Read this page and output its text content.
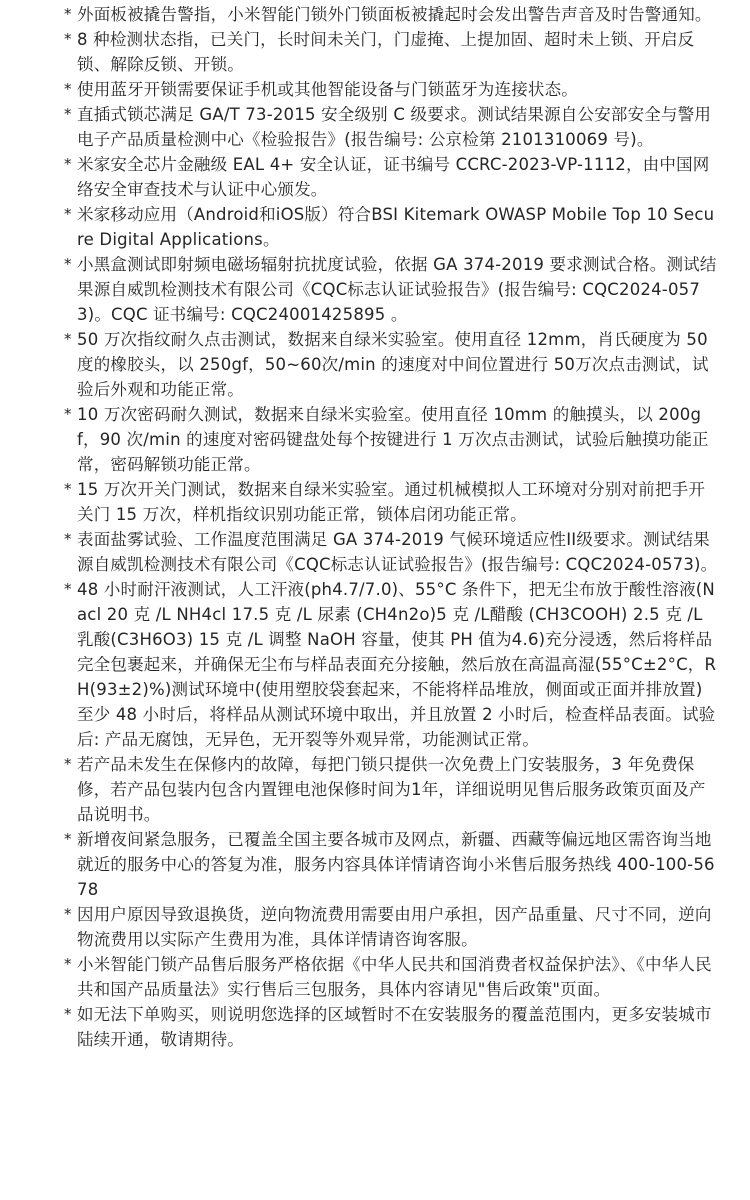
* 外面板被撬告警指，小米智能门锁外门锁面板被撬起时会发出警告声音及时告警通知。
* 8 种检测状态指，已关门，长时间未关门，门虚掩、上提加固、超时未上锁、开启反锁、解除反锁、开锁。
* 使用蓝牙开锁需要保证手机或其他智能设备与门锁蓝牙为连接状态。
* 直插式锁芯满足 GA/T 73-2015 安全级别 C 级要求。测试结果源自公安部安全与警用电子产品质量检测中心《检验报告》(报告编号: 公京检第 2101310069 号)。
* 米家安全芯片金融级 EAL 4+ 安全认证，证书编号 CCRC-2023-VP-1112，由中国网络安全审查技术与认证中心颁发。
* 米家移动应用（Android和iOS版）符合BSI Kitemark OWASP Mobile Top 10 Secure Digital Applications。
* 小黑盒测试即射频电磁场辐射抗扰度试验，依据 GA 374-2019 要求测试合格。测试结果源自威凯检测技术有限公司《CQC标志认证试验报告》(报告编号: CQC2024-0573)。CQC 证书编号: CQC24001425895 。
* 50 万次指纹耐久点击测试，数据来自绿米实验室。使用直径 12mm，肖氏硬度为 50 度的橡胶头，以 250gf，50~60次/min 的速度对中间位置进行 50万次点击测试，试验后外观和功能正常。
* 10 万次密码耐久测试，数据来自绿米实验室。使用直径 10mm 的触摸头，以 200gf，90 次/min 的速度对密码键盘处每个按键进行 1 万次点击测试，试验后触摸功能正常，密码解锁功能正常。
* 15 万次开关门测试，数据来自绿米实验室。通过机械模拟人工环境对分别对前把手开关门 15 万次，样机指纹识别功能正常，锁体启闭功能正常。
* 表面盐雾试验、工作温度范围满足 GA 374-2019 气候环境适应性II级要求。测试结果源自威凯检测技术有限公司《CQC标志认证试验报告》(报告编号: CQC2024-0573)。
* 48 小时耐汗液测试，人工汗液(ph4.7/7.0)、55°C 条件下，把无尘布放于酸性溶液(Nacl 20 克 /L NH4cl 17.5 克 /L 尿素 (CH4n2o)5 克 /L醋酸 (CH3COOH) 2.5 克 /L乳酸(C3H6O3) 15 克 /L 调整 NaOH 容量，使其 PH 值为4.6)充分浸透，然后将样品完全包裹起来，并确保无尘布与样品表面充分接触，然后放在高温高湿(55°C±2°C，RH(93±2)%)测试环境中(使用塑胶袋套起来，不能将样品堆放，侧面或正面并排放置)至少 48 小时后，将样品从测试环境中取出，并且放置 2 小时后，检查样品表面。试验后: 产品无腐蚀，无异色，无开裂等外观异常，功能测试正常。
* 若产品未发生在保修内的故障，每把门锁只提供一次免费上门安装服务，3 年免费保修，若产品包装内包含内置锂电池保修时间为1年，详细说明见售后服务政策页面及产品说明书。
* 新增夜间紧急服务，已覆盖全国主要各城市及网点，新疆、西藏等偏远地区需咨询当地就近的服务中心的答复为准，服务内容具体详情请咨询小米售后服务热线 400-100-5678
* 因用户原因导致退换货，逆向物流费用需要由用户承担，因产品重量、尺寸不同，逆向物流费用以实际产生费用为准，具体详情请咨询客服。
* 小米智能门锁产品售后服务严格依据《中华人民共和国消费者权益保护法》、《中华人民共和国产品质量法》实行售后三包服务，具体内容请见"售后政策"页面。
* 如无法下单购买，则说明您选择的区域暂时不在安装服务的覆盖范围内，更多安装城市陆续开通，敬请期待。
